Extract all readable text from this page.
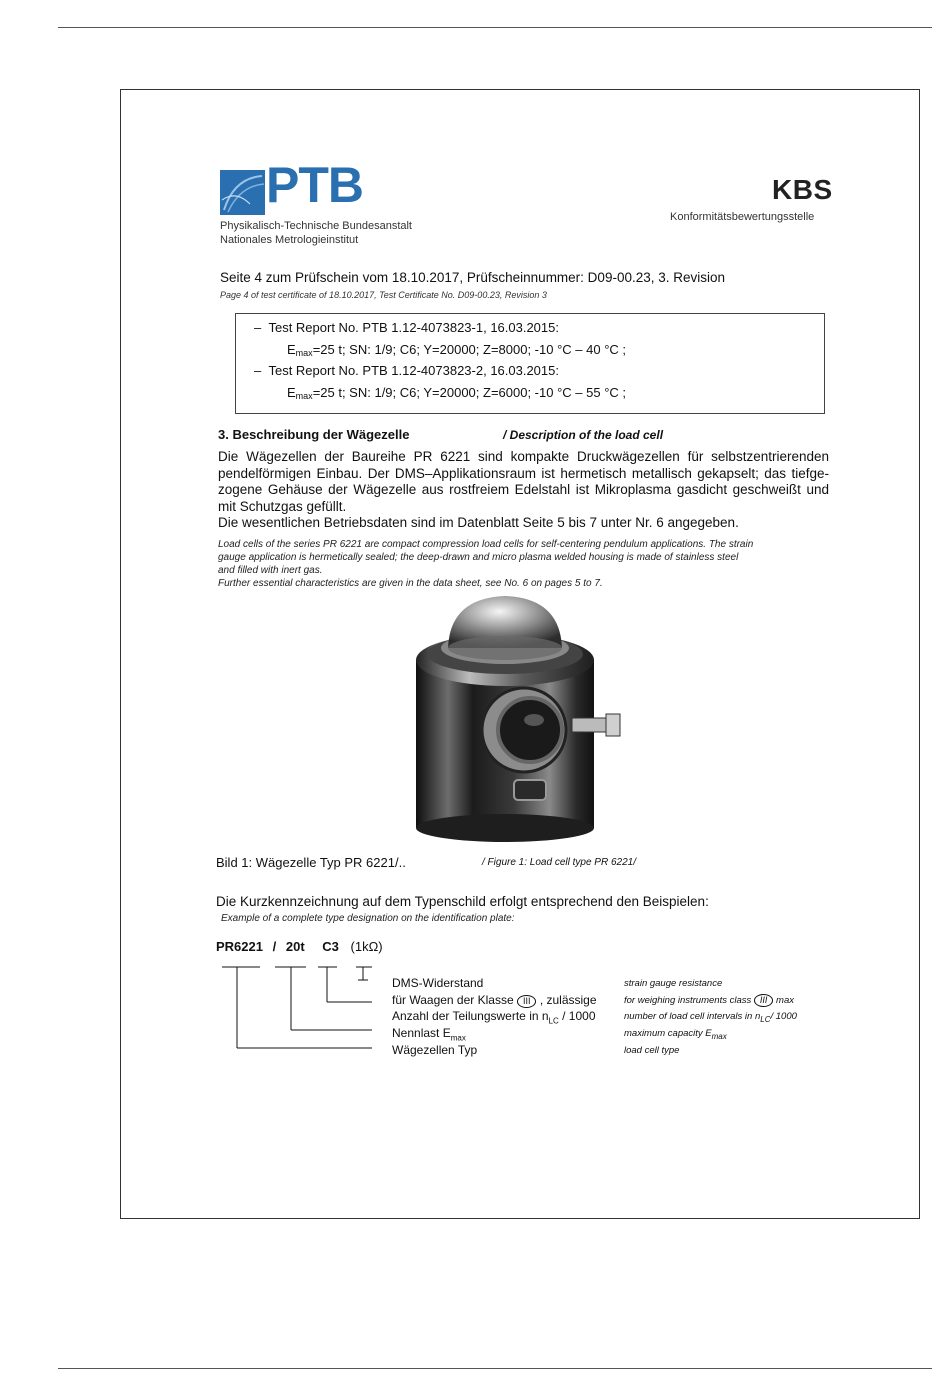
PTB
Physikalisch-Technische Bundesanstalt
Nationales Metrologieinstitut
KBS
Konformitätsbewertungsstelle
Seite 4 zum Prüfschein vom 18.10.2017, Prüfscheinnummer: D09-00.23, 3. Revision
Page 4 of test certificate of 18.10.2017, Test Certificate No. D09-00.23, Revision 3
– Test Report No. PTB 1.12-4073823-1, 16.03.2015:
Emax=25 t; SN: 1/9; C6; Y=20000; Z=8000; -10 °C – 40 °C ;
– Test Report No. PTB 1.12-4073823-2, 16.03.2015:
Emax=25 t; SN: 1/9; C6; Y=20000; Z=6000; -10 °C – 55 °C ;
3. Beschreibung der Wägezelle	/ Description of the load cell
Die Wägezellen der Baureihe PR 6221 sind kompakte Druckwägezellen für selbstzentrierenden
pendelförmigen Einbau. Der DMS–Applikationsraum ist hermetisch metallisch gekapselt; das tiefge-
zogene Gehäuse der Wägezelle aus rostfreiem Edelstahl ist Mikroplasma gasdicht geschweißt und
mit Schutzgas gefüllt.
Die wesentlichen Betriebsdaten sind im Datenblatt Seite 5 bis 7 unter Nr. 6 angegeben.
Load cells of the series PR 6221 are compact compression load cells for self-centering pendulum applications. The strain
gauge application is hermetically sealed; the deep-drawn and micro plasma welded housing is made of stainless steel
and filled with inert gas.
Further essential characteristics are given in the data sheet, see No. 6 on pages 5 to 7.
Bild 1: Wägezelle Typ PR 6221/..	/ Figure 1: Load cell type PR 6221/
Die Kurzkennzeichnung auf dem Typenschild erfolgt entsprechend den Beispielen:
Example of a complete type designation on the identification plate:
PR6221 / 20t C3 (1kΩ)
DMS-Widerstand
für Waagen der Klasse III , zulässige
Anzahl der Teilungswerte in $n_{LC} / 1000$
Nennlast $E_{max}$
Wägezellen Typ
strain gauge resistance
for weighing instruments class III max
number of load cell intervals in $n_{LC}/$ 1000
maximum capacity $E_{max}$
load cell type
